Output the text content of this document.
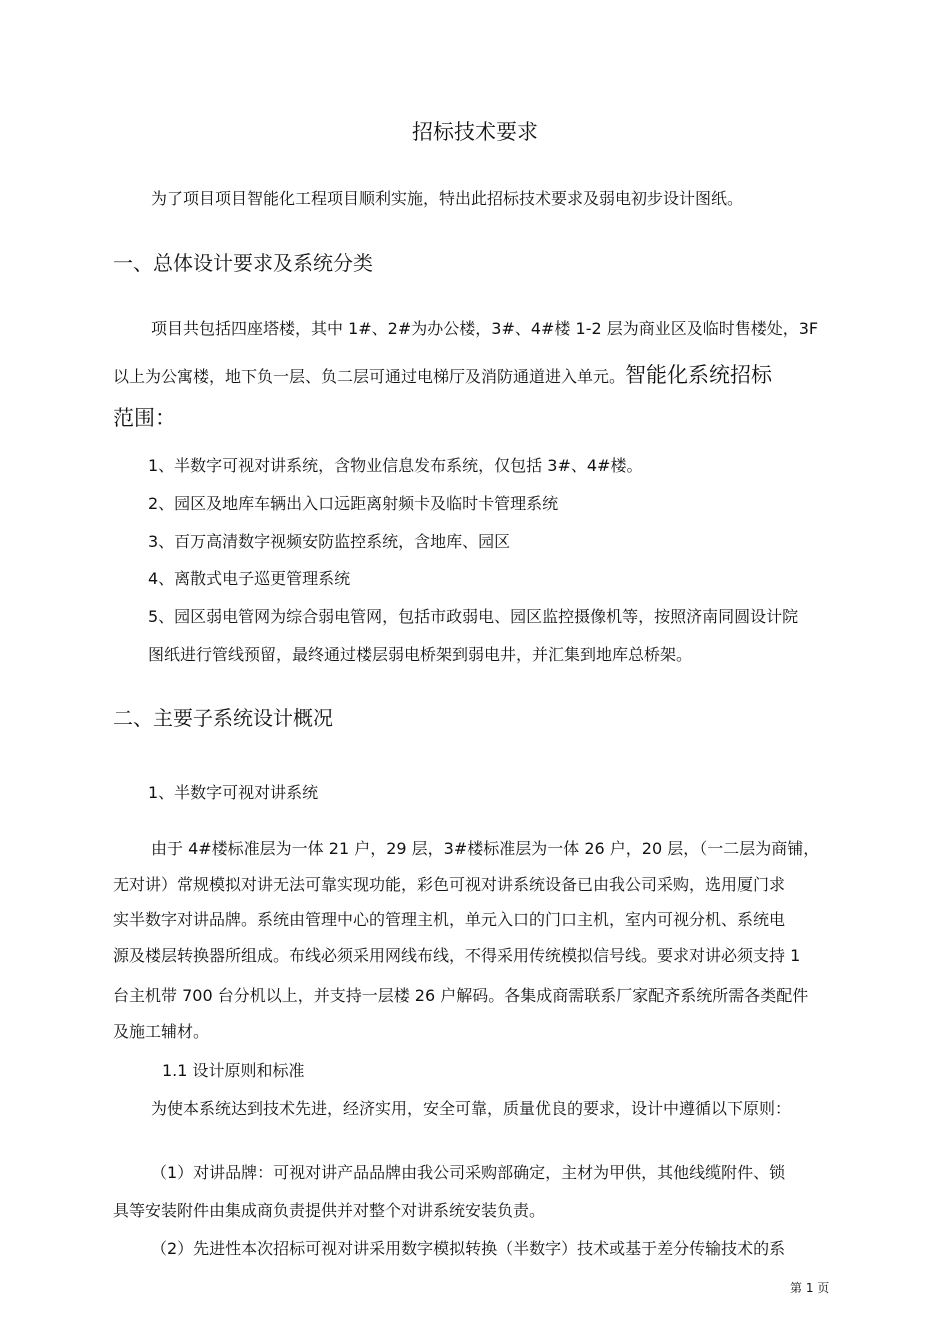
招标技术要求
为了项目项目智能化工程项目顺利实施，特出此招标技术要求及弱电初步设计图纸。
一、总体设计要求及系统分类
项目共包括四座塔楼，其中 1#、2#为办公楼，3#、4#楼 1-2 层为商业区及临时售楼处，3F
以上为公寓楼，地下负一层、负二层可通过电梯厅及消防通道进入单元。智能化系统招标
范围：
1、半数字可视对讲系统，含物业信息发布系统，仅包括 3#、4#楼。
2、园区及地库车辆出入口远距离射频卡及临时卡管理系统
3、百万高清数字视频安防监控系统，含地库、园区
4、离散式电子巡更管理系统
5、园区弱电管网为综合弱电管网，包括市政弱电、园区监控摄像机等，按照济南同圆设计院
图纸进行管线预留，最终通过楼层弱电桥架到弱电井，并汇集到地库总桥架。
二、主要子系统设计概况
1、半数字可视对讲系统
由于 4#楼标准层为一体 21 户，29 层，3#楼标准层为一体 26 户，20 层，（一二层为商铺，
无对讲）常规模拟对讲无法可靠实现功能，彩色可视对讲系统设备已由我公司采购，选用厦门求
实半数字对讲品牌。系统由管理中心的管理主机，单元入口的门口主机，室内可视分机、系统电
源及楼层转换器所组成。布线必须采用网线布线，不得采用传统模拟信号线。要求对讲必须支持 1
台主机带 700 台分机以上，并支持一层楼 26 户解码。各集成商需联系厂家配齐系统所需各类配件
及施工辅材。
1.1 设计原则和标准
为使本系统达到技术先进，经济实用，安全可靠，质量优良的要求，设计中遵循以下原则：
（1）对讲品牌：可视对讲产品品牌由我公司采购部确定，主材为甲供，其他线缆附件、锁
具等安装附件由集成商负责提供并对整个对讲系统安装负责。
（2）先进性本次招标可视对讲采用数字模拟转换（半数字）技术或基于差分传输技术的系
第 1 页
